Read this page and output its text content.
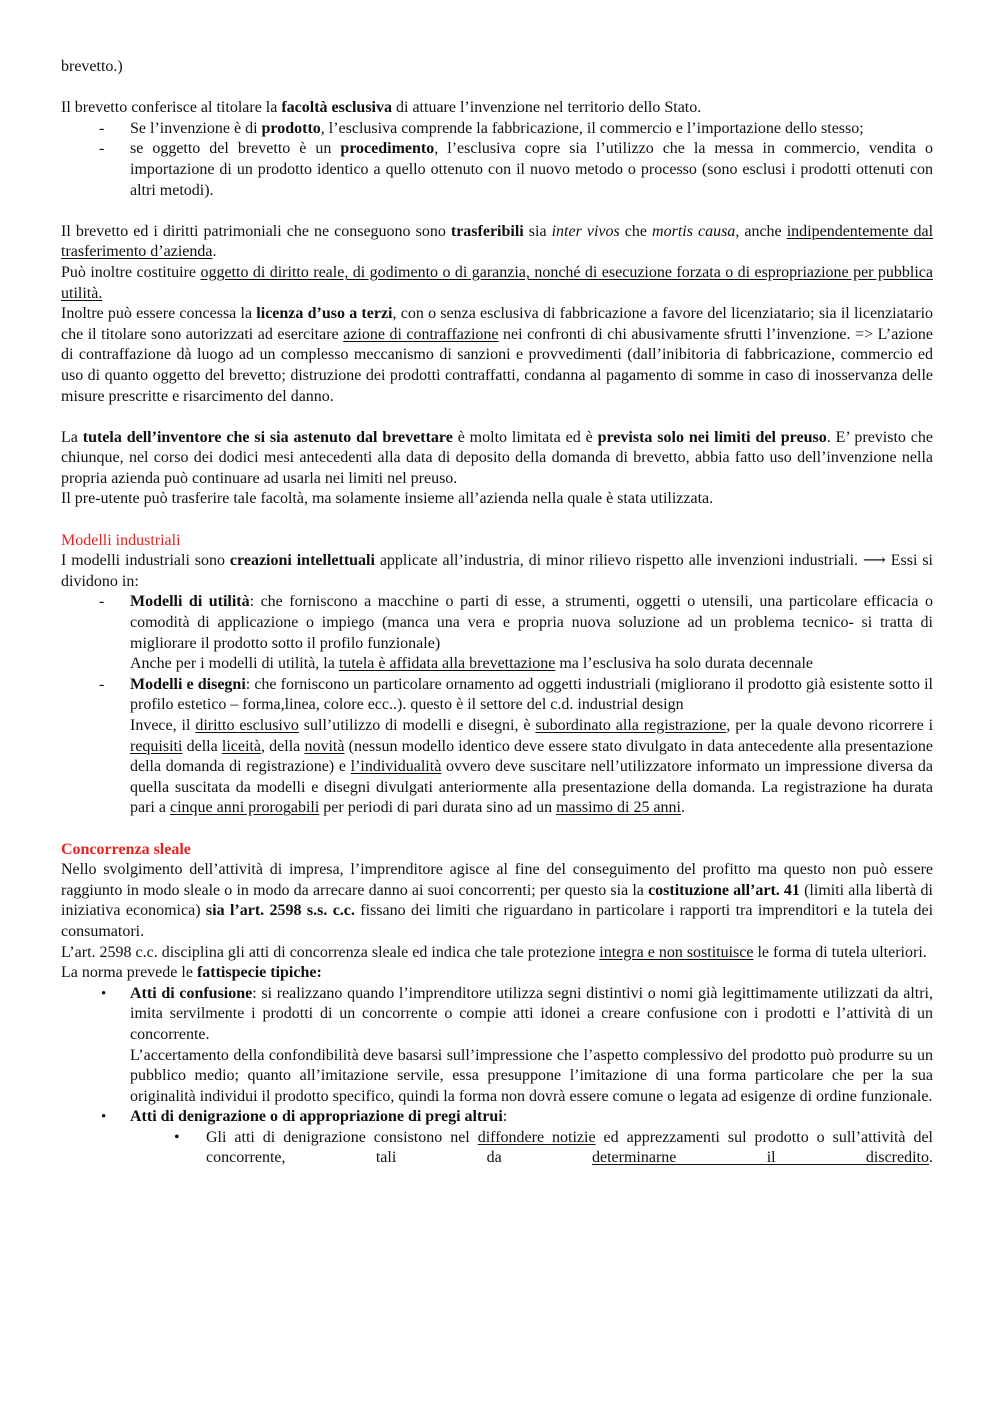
brevetto.)

Il brevetto conferisce al titolare la facoltà esclusiva di attuare l’invenzione nel territorio dello Stato.

- Se l’invenzione è di prodotto, l’esclusiva comprende la fabbricazione, il commercio e l’importazione dello stesso;
- se oggetto del brevetto è un procedimento, l’esclusiva copre sia l’utilizzo che la messa in commercio, vendita o importazione di un prodotto identico a quello ottenuto con il nuovo metodo o processo (sono esclusi i prodotti ottenuti con altri metodi).

Il brevetto ed i diritti patrimoniali che ne conseguono sono trasferibili sia inter vivos che mortis causa, anche indipendentemente dal trasferimento d’azienda.

Può inoltre costituire oggetto di diritto reale, di godimento o di garanzia, nonché di esecuzione forzata o di espropriazione per pubblica utilità.

Inoltre può essere concessa la licenza d’uso a terzi, con o senza esclusiva di fabbricazione a favore del licenziatario; sia il licenziatario che il titolare sono autorizzati ad esercitare azione di contraffazione nei confronti di chi abusivamente sfrutti l’invenzione. => L’azione di contraffazione dà luogo ad un complesso meccanismo di sanzioni e provvedimenti (dall’inibitoria di fabbricazione, commercio ed uso di quanto oggetto del brevetto; distruzione dei prodotti contraffatti, condanna al pagamento di somme in caso di inosservanza delle misure prescritte e risarcimento del danno.

La tutela dell’inventore che si sia astenuto dal brevettare è molto limitata ed è prevista solo nei limiti del preuso. E’ previsto che chiunque, nel corso dei dodici mesi antecedenti alla data di deposito della domanda di brevetto, abbia fatto uso dell’invenzione nella propria azienda può continuare ad usarla nei limiti nel preuso.

Il pre-utente può trasferire tale facoltà, ma solamente insieme all’azienda nella quale è stata utilizzata.

Modelli industriali

I modelli industriali sono creazioni intellettuali applicate all’industria, di minor rilievo rispetto alle invenzioni industriali. ⟶ Essi si dividono in:

- Modelli di utilità: che forniscono a macchine o parti di esse, a strumenti, oggetti o utensili, una particolare efficacia o comodità di applicazione o impiego (manca una vera e propria nuova soluzione ad un problema tecnico- si tratta di migliorare il prodotto sotto il profilo funzionale)
Anche per i modelli di utilità, la tutela è affidata alla brevettazione ma l’esclusiva ha solo durata decennale
- Modelli e disegni: che forniscono un particolare ornamento ad oggetti industriali (migliorano il prodotto già esistente sotto il profilo estetico – forma,linea, colore ecc..). questo è il settore del c.d. industrial design
Invece, il diritto esclusivo sull’utilizzo di modelli e disegni, è subordinato alla registrazione, per la quale devono ricorrere i requisiti della liceità, della novità (nessun modello identico deve essere stato divulgato in data antecedente alla presentazione della domanda di registrazione) e l’individualità ovvero deve suscitare nell’utilizzatore informato un impressione diversa da quella suscitata da modelli e disegni divulgati anteriormente alla presentazione della domanda. La registrazione ha durata pari a cinque anni prorogabili per periodi di pari durata sino ad un massimo di 25 anni.

Concorrenza sleale

Nello svolgimento dell’attività di impresa, l’imprenditore agisce al fine del conseguimento del profitto ma questo non può essere raggiunto in modo sleale o in modo da arrecare danno ai suoi concorrenti; per questo sia la costituzione all’art. 41 (limiti alla libertà di iniziativa economica) sia l’art. 2598 s.s. c.c. fissano dei limiti che riguardano in particolare i rapporti tra imprenditori e la tutela dei consumatori.

L’art. 2598 c.c. disciplina gli atti di concorrenza sleale ed indica che tale protezione integra e non sostituisce le forma di tutela ulteriori.

La norma prevede le fattispecie tipiche:

• Atti di confusione: si realizzano quando l’imprenditore utilizza segni distintivi o nomi già legittimamente utilizzati da altri, imita servilmente i prodotti di un concorrente o compie atti idonei a creare confusione con i prodotti e l’attività di un concorrente.
L’accertamento della confondibilità deve basarsi sull’impressione che l’aspetto complessivo del prodotto può produrre su un pubblico medio; quanto all’imitazione servile, essa presuppone l’imitazione di una forma particolare che per la sua originalità individui il prodotto specifico, quindi la forma non dovrà essere comune o legata ad esigenze di ordine funzionale.
• Atti di denigrazione o di appropriazione di pregi altrui:
• Gli atti di denigrazione consistono nel diffondere notizie ed apprezzamenti sul prodotto o sull’attività del concorrente, tali da determinarne il discredito.
